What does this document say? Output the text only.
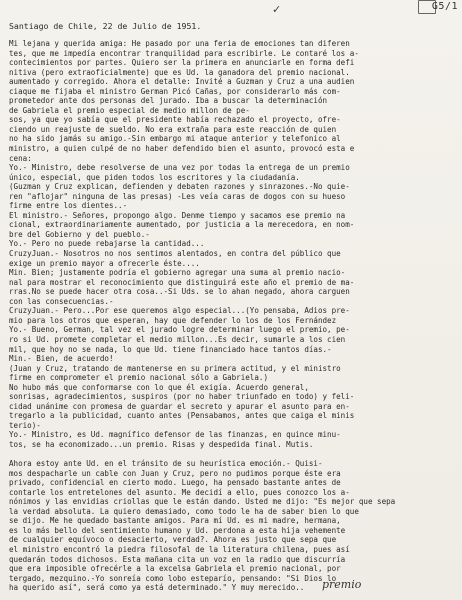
✓	G5/1
Santiago de Chile, 22 de Julio de 1951.
Mi lejana y querida amiga: He pasado por una feria de emociones tan diferen
tes, que me impedía encontrar tranquilidad para escribirle. Le contaré los a-
contecimientos por partes. Quiero ser la primera en anunciarle en forma defi
nitiva (pero extraoficialmente) que es Ud. la ganadora del premio nacional.
aumentado y corregido. Ahora el detalle: Invité a Guzman y Cruz a una audien
ciaque me fijaba el ministro German Picó Cañas, por considerarlo más com-
prometedor ante dos personas del jurado. Iba a buscar la determinación
de Gabriela el premio especial de medio millon de pe-
sos, ya que yo sabía que el presidente había rechazado el proyecto, ofre-
ciendo un reajuste de sueldo. No era extraña para este reacción de quien
no ha sido jamás su amigo.-Sin embargo mi ataque anterior y telefonico al
ministro, a quien culpé de no haber defendido bien el asunto, provocó esta e
cena:
Yo.- Ministro, debe resolverse de una vez por todas la entrega de un premio
único, especial, que piden todos los escritores y la ciudadanía.
(Guzman y Cruz explican, defienden y debaten razones y sinrazones.-No quie-
ren "aflojar" ninguna de las presas) -Les veía caras de dogos con su hueso
firme entre los dientes..-
El ministro.- Señores, propongo algo. Denme tiempo y sacamos ese premio na
cional, extraordinariamente aumentado, por justicia a la merecedora, en nom-
bre del Gobierno y del pueblo.-
Yo.- Pero no puede rebajarse la cantidad...
CruzyJuan.- Nosotros no nos sentimos alentados, en contra del público que
exige un premio mayor a ofrecerle éste....
Min. Bien; justamente podría el gobierno agregar una suma al premio nacio-
nal para mostrar el reconocimiento que distinguirá este año el premio de ma-
rras.No se puede hacer otra cosa..-Si Uds. se lo ahan negado, ahora carguen
con las consecuencias.-
CruzyJuan.- Pero...Por ese queremos algo especial...(Yo pensaba, Adios pre-
mio para los otros que esperan, hay que defender lo los de los Fernández
Yo.- Bueno, German, tal vez el jurado logre determinar luego el premio, pe-
ro si Ud. promete completar el medio millon...Es decir, sumarle a los cien
mil, que hoy no se nada, lo que Ud. tiene financiado hace tantos días.-
Min.- Bien, de acuerdo!
(Juan y Cruz, tratando de mantenerse en su primera actitud, y el ministro
firme en comprometer el premio nacional sólo a Gabriela.)
No hubo más que conformarse con lo que él exigía. Acuerdo general,
sonrisas, agradecimientos, suspiros (por no haber triunfado en todo) y feli-
cidad unánime con promesa de guardar el secreto y apurar el asunto para en-
tregarlo a la publicidad, cuanto antes (Pensabamos, antes que caiga el minis
terio)-
Yo.- Ministro, es Ud. magnífico defensor de las finanzas, en quince minu-
tos, se ha economizado...un premio. Risas y despedida final. Mutis.
Ahora estoy ante Ud. en el tránsito de su heurística emoción.- Quisi-
mos despacharle un cable con Juan y Cruz, pero no pudimos porque éste era
privado, confidencial en cierto modo. Luego, ha pensado bastante antes de
contarle los entretelones del asunto. Me decidí a ello, pues conozco los a-
nónimos y las envidias criollas que le están dando. Usted me dijo: "Es mejor que sepa
la verdad absoluta. La quiero demasiado, como todo le ha de saber bien lo que
se dijo. Me he quedado bastante amigos. Para mí Ud. es mi madre, hermana,
es lo más bello del sentimiento humano y Ud. perdona a esta hija vehemente
de cualquier equívoco o desacierto, verdad?. Ahora es justo que sepa que
el ministro encontró la piedra filosofal de la literatura chilena, pues así
quedarán todos dichosos. Esta mañana cita un voz en la radio que discurría
que era imposible ofrecérle a la excelsa Gabriela el premio nacional, por
tergado, mezquino.-Yo sonreía como lobo esteparío, pensando: "Si Dios lo
ha querido así", será como ya está determinado." Y muy merecido..	premio
